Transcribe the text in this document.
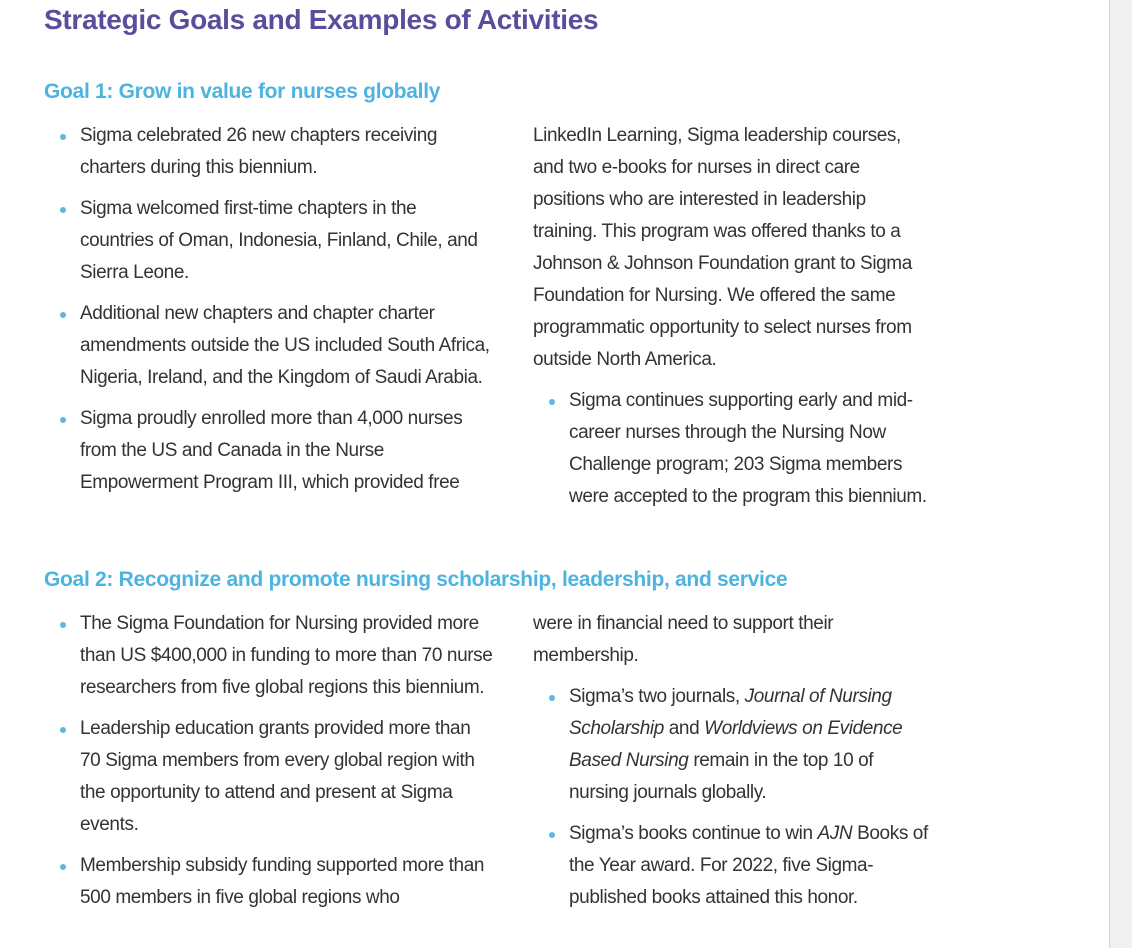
Strategic Goals and Examples of Activities
Goal 1: Grow in value for nurses globally
Sigma celebrated 26 new chapters receiving charters during this biennium.
Sigma welcomed first-time chapters in the countries of Oman, Indonesia, Finland, Chile, and Sierra Leone.
Additional new chapters and chapter charter amendments outside the US included South Africa, Nigeria, Ireland, and the Kingdom of Saudi Arabia.
Sigma proudly enrolled more than 4,000 nurses from the US and Canada in the Nurse Empowerment Program III, which provided free
LinkedIn Learning, Sigma leadership courses, and two e-books for nurses in direct care positions who are interested in leadership training. This program was offered thanks to a Johnson & Johnson Foundation grant to Sigma Foundation for Nursing. We offered the same programmatic opportunity to select nurses from outside North America.
Sigma continues supporting early and mid-career nurses through the Nursing Now Challenge program; 203 Sigma members were accepted to the program this biennium.
Goal 2: Recognize and promote nursing scholarship, leadership, and service
The Sigma Foundation for Nursing provided more than US $400,000 in funding to more than 70 nurse researchers from five global regions this biennium.
Leadership education grants provided more than 70 Sigma members from every global region with the opportunity to attend and present at Sigma events.
Membership subsidy funding supported more than 500 members in five global regions who
were in financial need to support their membership.
Sigma’s two journals, Journal of Nursing Scholarship and Worldviews on Evidence Based Nursing remain in the top 10 of nursing journals globally.
Sigma’s books continue to win AJN Books of the Year award. For 2022, five Sigma-published books attained this honor.
